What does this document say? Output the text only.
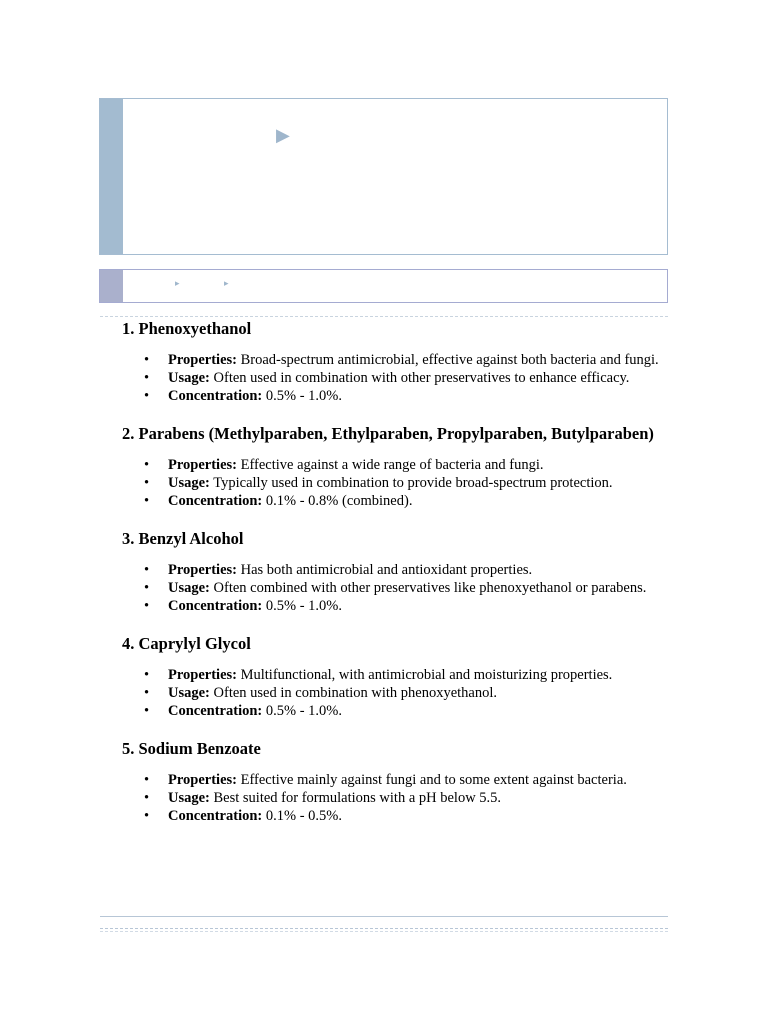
▶
▸	▸
1. Phenoxyethanol
• Properties: Broad-spectrum antimicrobial, effective against both bacteria and fungi.
• Usage: Often used in combination with other preservatives to enhance efficacy.
• Concentration: 0.5% - 1.0%.
2. Parabens (Methylparaben, Ethylparaben, Propylparaben, Butylparaben)
• Properties: Effective against a wide range of bacteria and fungi.
• Usage: Typically used in combination to provide broad-spectrum protection.
• Concentration: 0.1% - 0.8% (combined).
3. Benzyl Alcohol
• Properties: Has both antimicrobial and antioxidant properties.
• Usage: Often combined with other preservatives like phenoxyethanol or parabens.
• Concentration: 0.5% - 1.0%.
4. Caprylyl Glycol
• Properties: Multifunctional, with antimicrobial and moisturizing properties.
• Usage: Often used in combination with phenoxyethanol.
• Concentration: 0.5% - 1.0%.
5. Sodium Benzoate
• Properties: Effective mainly against fungi and to some extent against bacteria.
• Usage: Best suited for formulations with a pH below 5.5.
• Concentration: 0.1% - 0.5%.
